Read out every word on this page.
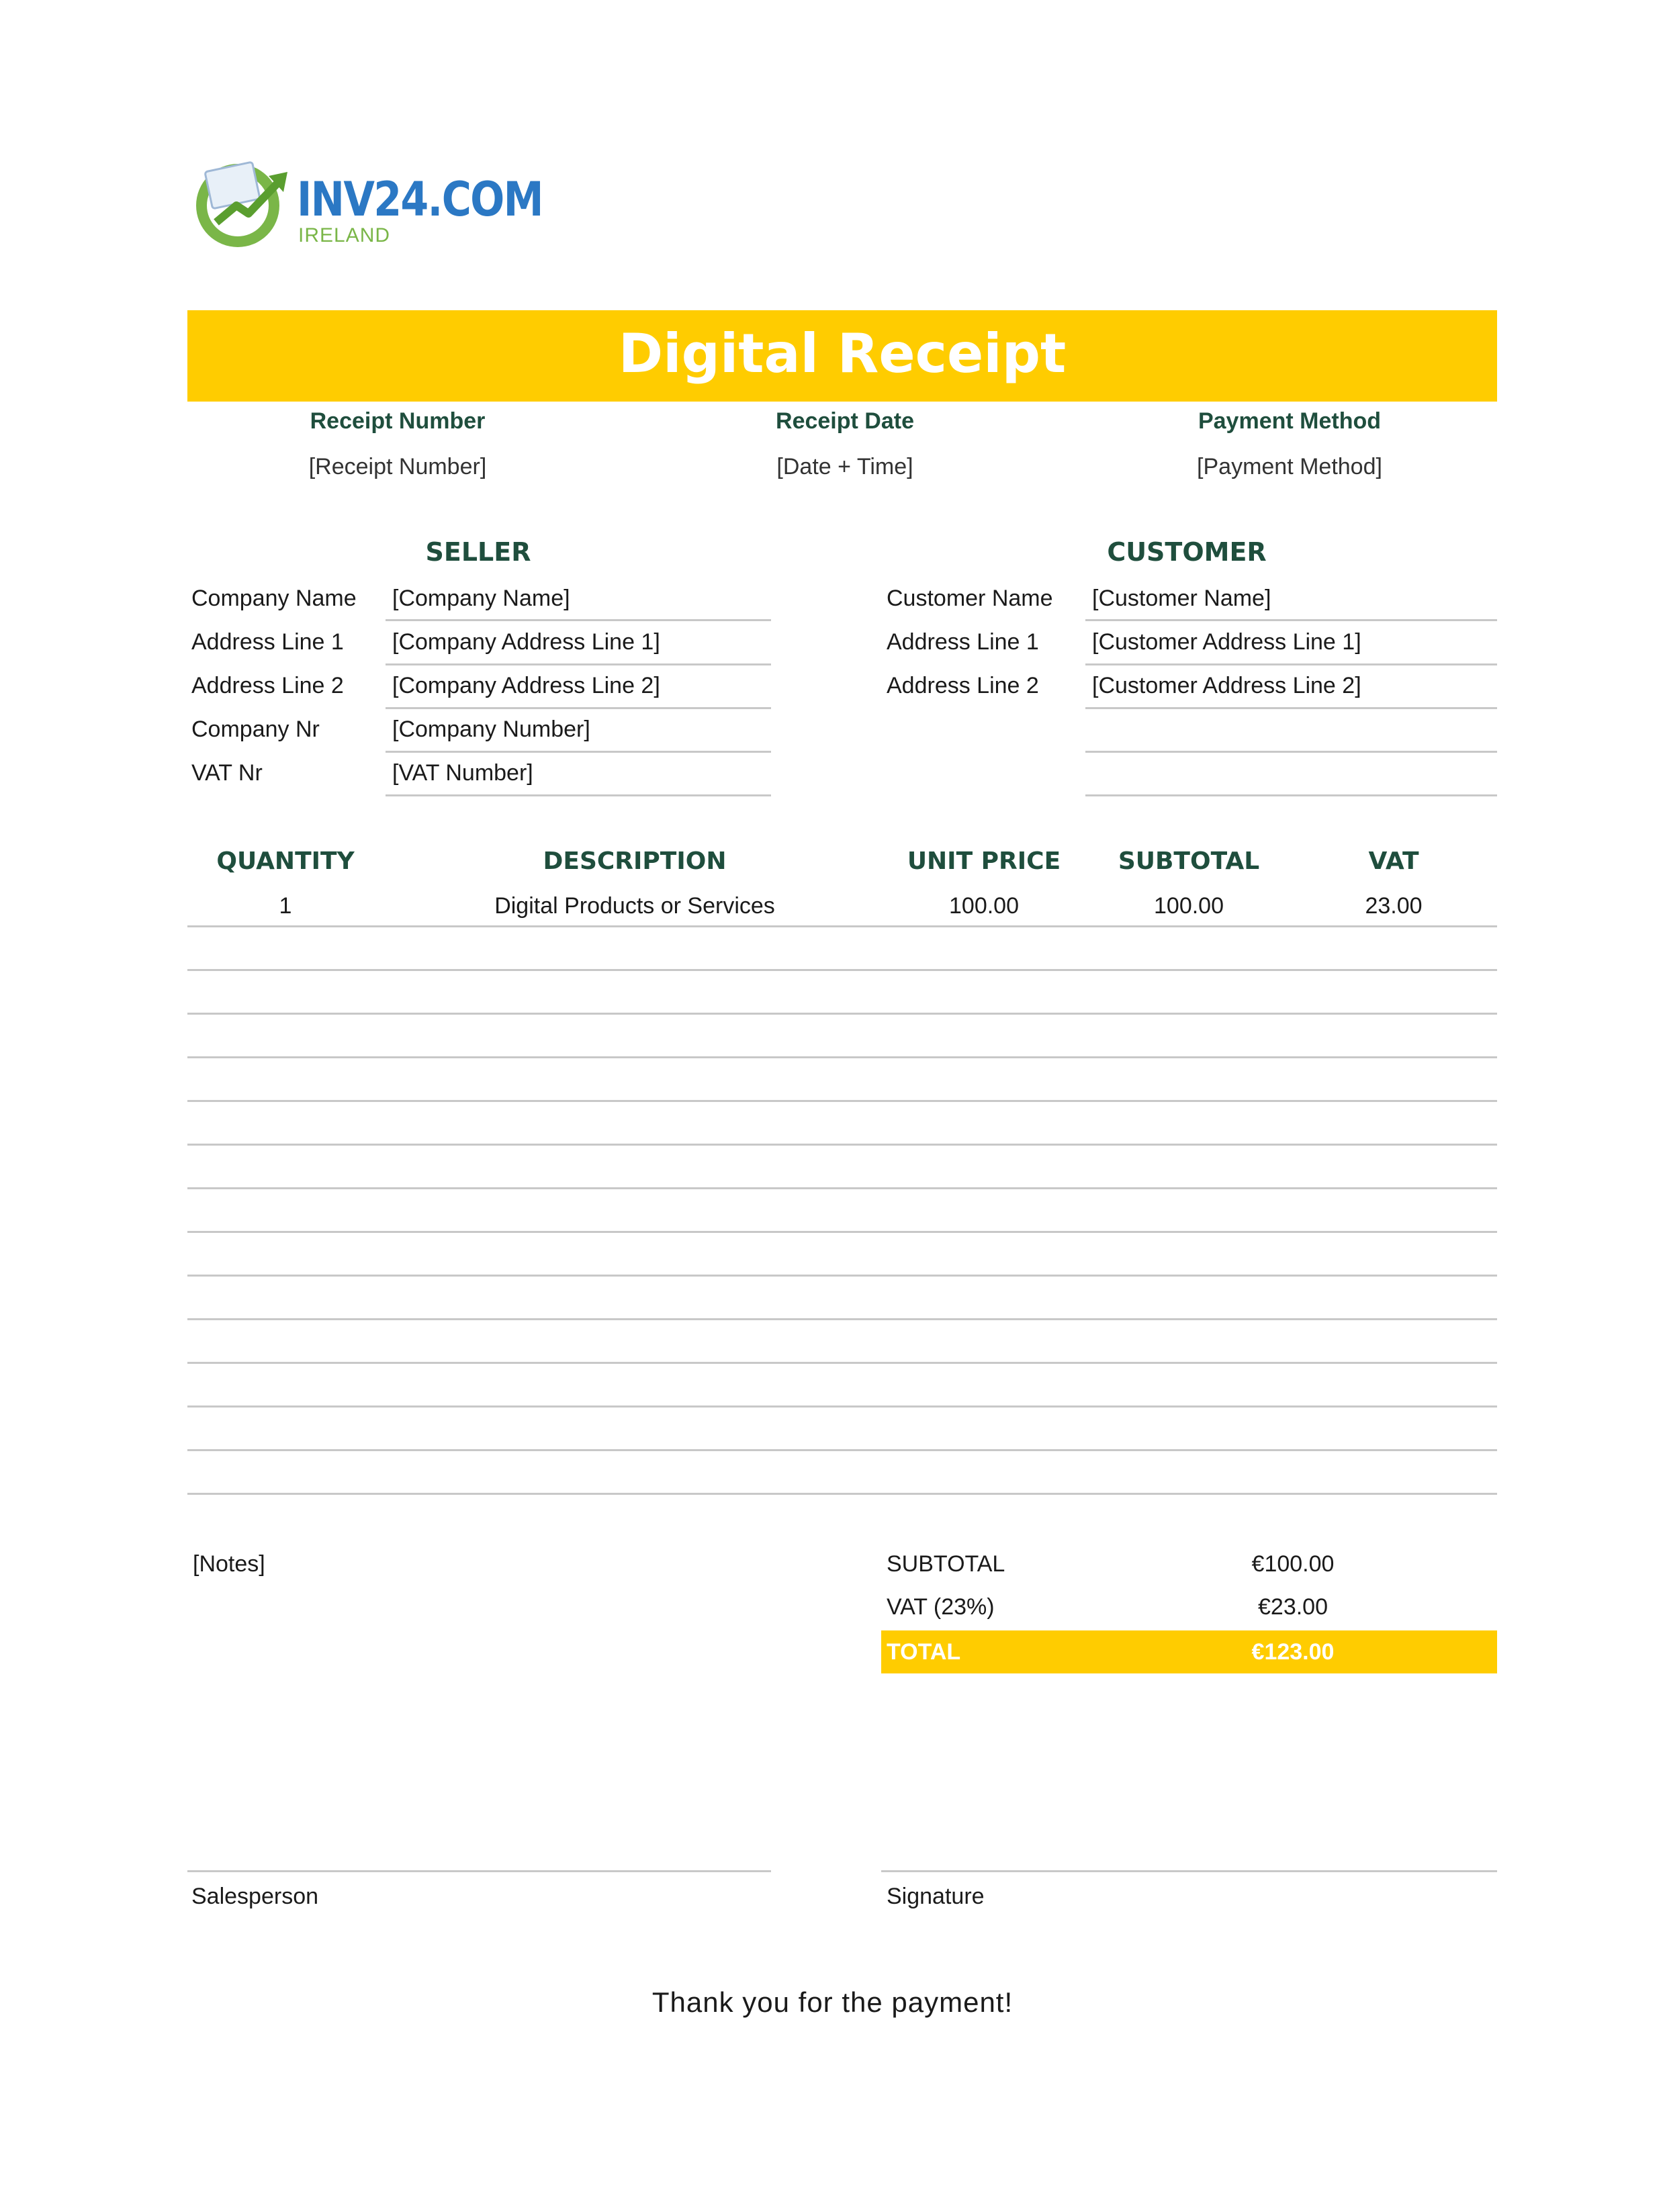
INV24.COM
IRELAND
Digital Receipt
Receipt Number
[Receipt Number]
Receipt Date
[Date + Time]
Payment Method
[Payment Method]
SELLER	CUSTOMER
Company Name [Company Name]
Address Line 1 [Company Address Line 1]
Address Line 2 [Company Address Line 2]
Company Nr	[Company Number]
VAT Nr	[VAT Number]
Customer Name [Customer Name]
Address Line 1 [Customer Address Line 1]
Address Line 2 [Customer Address Line 2]
QUANTITY	DESCRIPTION	UNIT PRICE	SUBTOTAL	VAT
1	Digital Products or Services	100.00	100.00	23.00
[Notes]	SUBTOTAL	€100.00
VAT (23%)	€23.00
TOTAL	€123.00
Salesperson	Signature
Thank you for the payment!
